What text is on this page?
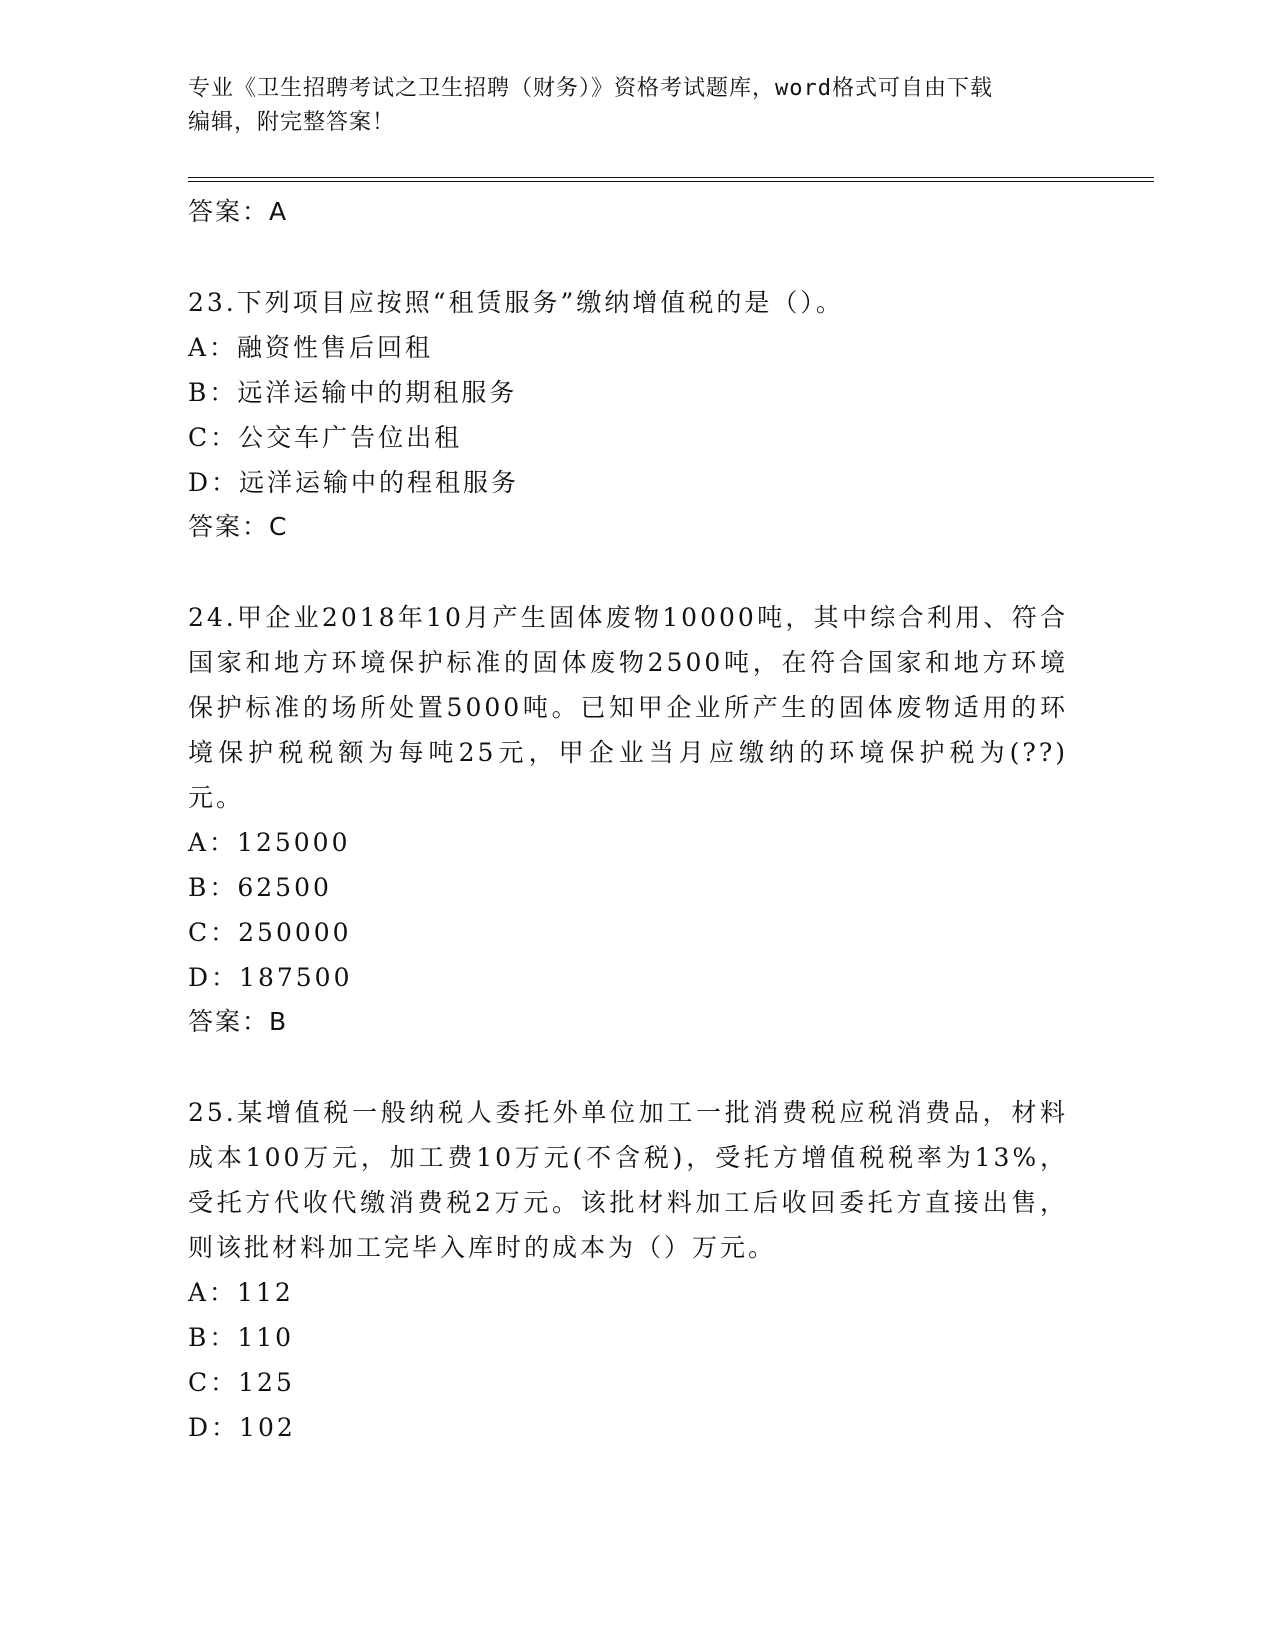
专业《卫生招聘考试之卫生招聘（财务）》资格考试题库，word格式可自由下载
编辑，附完整答案！

答案：A

23.下列项目应按照“租赁服务”缴纳增值税的是（）。

A：融资性售后回租

B：远洋运输中的期租服务

C：公交车广告位出租

D：远洋运输中的程租服务

答案：C

24.甲企业2018年10月产生固体废物10000吨，其中综合利用、符合国家和地方环境保护标准的固体废物2500吨，在符合国家和地方环境保护标准的场所处置5000吨。已知甲企业所产生的固体废物适用的环境保护税税额为每吨25元，甲企业当月应缴纳的环境保护税为(??)元。

A：125000

B：62500

C：250000

D：187500

答案：B

25.某增值税一般纳税人委托外单位加工一批消费税应税消费品，材料成本100万元，加工费10万元(不含税)，受托方增值税税率为13%，受托方代收代缴消费税2万元。该批材料加工后收回委托方直接出售，则该批材料加工完毕入库时的成本为（）万元。

A：112

B：110

C：125

D：102
